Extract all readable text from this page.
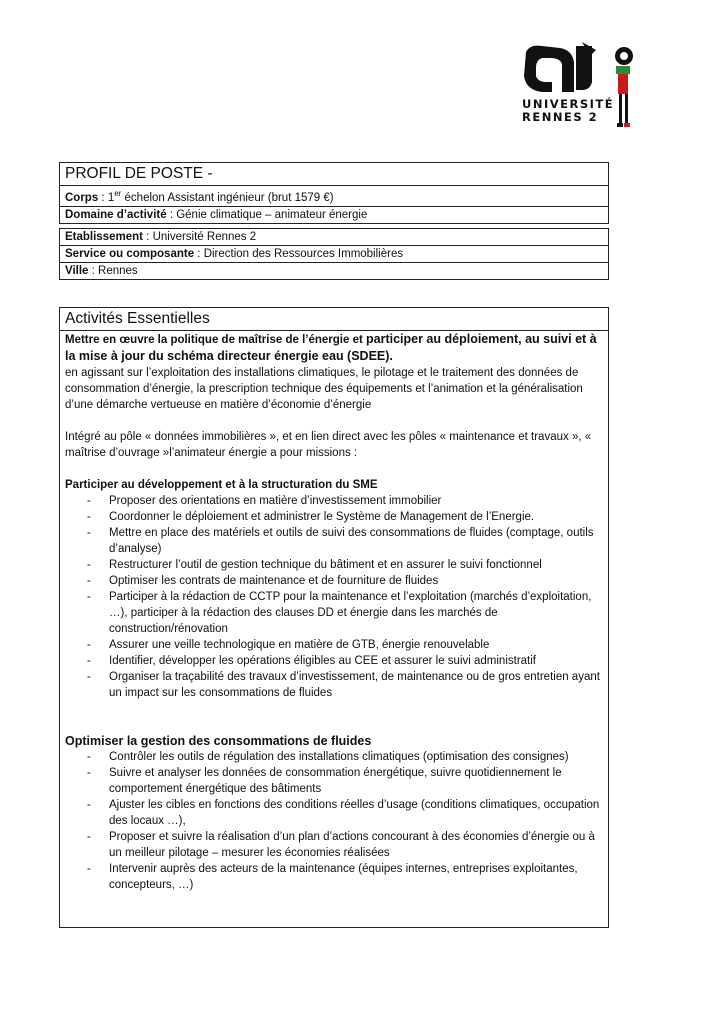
UNIVERSITÉ
RENNES 2
PROFIL DE POSTE -
Corps : 1er échelon Assistant ingénieur (brut 1579 €)
Domaine d’activité : Génie climatique – animateur énergie
Etablissement : Université Rennes 2
Service ou composante : Direction des Ressources Immobilières
Ville : Rennes
Activités Essentielles

Mettre en œuvre la politique de maîtrise de l’énergie et participer au déploiement, au suivi et à la mise à jour du schéma directeur énergie eau (SDEE).

en agissant sur l’exploitation des installations climatiques, le pilotage et le traitement des données de consommation d’énergie, la prescription technique des équipements et l’animation et la généralisation d’une démarche vertueuse en matière d’économie d’énergie

Intégré au pôle « données immobilières », et en lien direct avec les pôles « maintenance et travaux », « maîtrise d’ouvrage »l’animateur énergie a pour missions :

Participer au développement et à la structuration du SME
- Proposer des orientations en matière d’investissement immobilier
- Coordonner le déploiement et administrer le Système de Management de l’Energie.
- Mettre en place des matériels et outils de suivi des consommations de fluides (comptage, outils d’analyse)
- Restructurer l’outil de gestion technique du bâtiment et en assurer le suivi fonctionnel
- Optimiser les contrats de maintenance et de fourniture de fluides
- Participer à la rédaction de CCTP pour la maintenance et l’exploitation (marchés d’exploitation, …), participer à la rédaction des clauses DD et énergie dans les marchés de construction/rénovation
- Assurer une veille technologique en matière de GTB, énergie renouvelable
- Identifier, développer les opérations éligibles au CEE et assurer le suivi administratif
- Organiser la traçabilité des travaux d’investissement, de maintenance ou de gros entretien ayant un impact sur les consommations de fluides
Optimiser la gestion des consommations de fluides
- Contrôler les outils de régulation des installations climatiques (optimisation des consignes)
- Suivre et analyser les données de consommation énergétique, suivre quotidiennement le comportement énergétique des bâtiments
- Ajuster les cibles en fonctions des conditions réelles d’usage (conditions climatiques, occupation des locaux …),
- Proposer et suivre la réalisation d’un plan d’actions concourant à des économies d’énergie ou à un meilleur pilotage – mesurer les économies réalisées
- Intervenir auprès des acteurs de la maintenance (équipes internes, entreprises exploitantes, concepteurs, …)
